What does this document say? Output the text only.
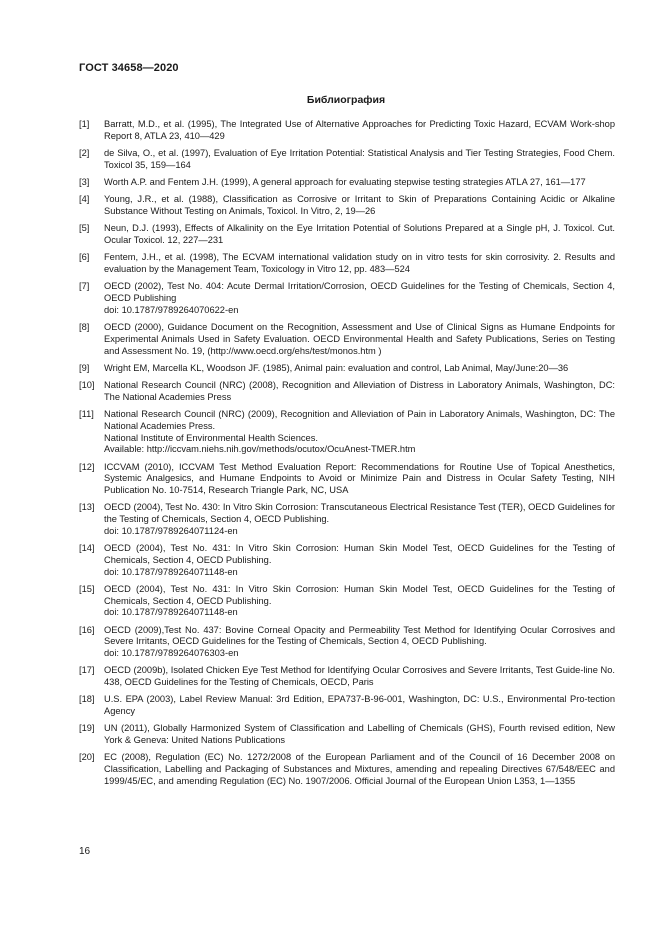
ГОСТ 34658—2020
Библиография
[1]	Barratt, M.D., et al. (1995), The Integrated Use of Alternative Approaches for Predicting Toxic Hazard, ECVAM Work-shop Report 8, ATLA 23, 410—429
[2]	de Silva, O., et al. (1997), Evaluation of Eye Irritation Potential: Statistical Analysis and Tier Testing Strategies, Food Chem. Toxicol 35, 159—164
[3]	Worth A.P. and Fentem J.H. (1999), A general approach for evaluating stepwise testing strategies ATLA 27, 161—177
[4]	Young, J.R., et al. (1988), Classification as Corrosive or Irritant to Skin of Preparations Containing Acidic or Alkaline Substance Without Testing on Animals, Toxicol. In Vitro, 2, 19—26
[5]	Neun, D.J. (1993), Effects of Alkalinity on the Eye Irritation Potential of Solutions Prepared at a Single pH, J. Toxicol. Cut. Ocular Toxicol. 12, 227—231
[6]	Fentem, J.H., et al. (1998), The ECVAM international validation study on in vitro tests for skin corrosivity. 2. Results and evaluation by the Management Team, Toxicology in Vitro 12, pp. 483—524
[7]	OECD (2002), Test No. 404: Acute Dermal Irritation/Corrosion, OECD Guidelines for the Testing of Chemicals, Section 4, OECD Publishing
doi: 10.1787/9789264070622-en
[8]	OECD (2000), Guidance Document on the Recognition, Assessment and Use of Clinical Signs as Humane Endpoints for Experimental Animals Used in Safety Evaluation. OECD Environmental Health and Safety Publications, Series on Testing and Assessment No. 19, (http://www.oecd.org/ehs/test/monos.htm )
[9]	Wright EM, Marcella KL, Woodson JF. (1985), Animal pain: evaluation and control, Lab Animal, May/June:20—36
[10]	National Research Council (NRC) (2008), Recognition and Alleviation of Distress in Laboratory Animals, Washington, DC: The National Academies Press
[11]	National Research Council (NRC) (2009), Recognition and Alleviation of Pain in Laboratory Animals, Washington, DC: The National Academies Press.
National Institute of Environmental Health Sciences.
Available: http://iccvam.niehs.nih.gov/methods/ocutox/OcuAnest-TMER.htm
[12]	ICCVAM (2010), ICCVAM Test Method Evaluation Report: Recommendations for Routine Use of Topical Anesthetics, Systemic Analgesics, and Humane Endpoints to Avoid or Minimize Pain and Distress in Ocular Safety Testing, NIH Publication No. 10-7514, Research Triangle Park, NC, USA
[13]	OECD (2004), Test No. 430: In Vitro Skin Corrosion: Transcutaneous Electrical Resistance Test (TER), OECD Guidelines for the Testing of Chemicals, Section 4, OECD Publishing.
doi: 10.1787/9789264071124-en
[14]	OECD (2004), Test No. 431: In Vitro Skin Corrosion: Human Skin Model Test, OECD Guidelines for the Testing of Chemicals, Section 4, OECD Publishing.
doi: 10.1787/9789264071148-en
[15]	OECD (2004), Test No. 431: In Vitro Skin Corrosion: Human Skin Model Test, OECD Guidelines for the Testing of Chemicals, Section 4, OECD Publishing.
doi: 10.1787/9789264071148-en
[16]	OECD (2009),Test No. 437: Bovine Corneal Opacity and Permeability Test Method for Identifying Ocular Corrosives and Severe Irritants, OECD Guidelines for the Testing of Chemicals, Section 4, OECD Publishing.
doi: 10.1787/9789264076303-en
[17]	OECD (2009b), Isolated Chicken Eye Test Method for Identifying Ocular Corrosives and Severe Irritants, Test Guide-line No. 438, OECD Guidelines for the Testing of Chemicals, OECD, Paris
[18]	U.S. EPA (2003), Label Review Manual: 3rd Edition, EPA737-B-96-001, Washington, DC: U.S., Environmental Pro-tection Agency
[19]	UN (2011), Globally Harmonized System of Classification and Labelling of Chemicals (GHS), Fourth revised edition, New York & Geneva: United Nations Publications
[20]	EC (2008), Regulation (EC) No. 1272/2008 of the European Parliament and of the Council of 16 December 2008 on Classification, Labelling and Packaging of Substances and Mixtures, amending and repealing Directives 67/548/EEC and 1999/45/EC, and amending Regulation (EC) No. 1907/2006. Official Journal of the European Union L353, 1—1355
16
